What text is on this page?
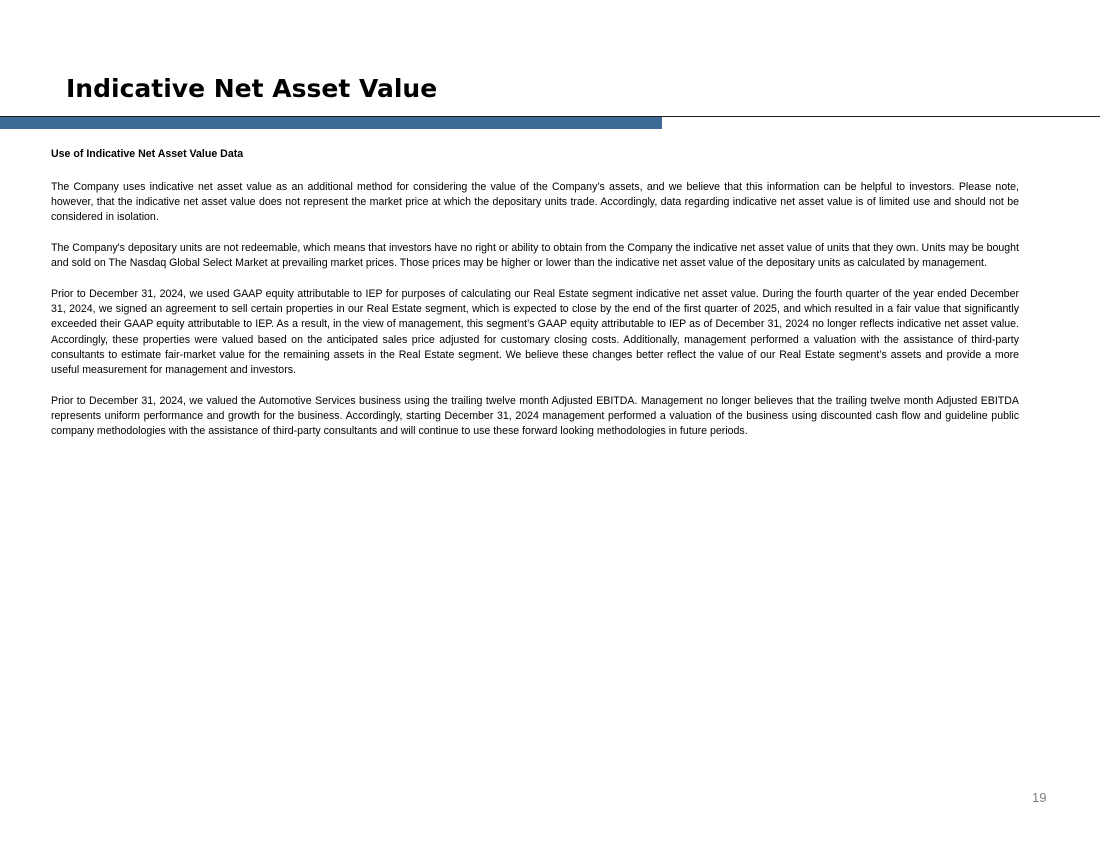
Indicative Net Asset Value

Use of Indicative Net Asset Value Data

The Company uses indicative net asset value as an additional method for considering the value of the Company’s assets, and we believe that this information can be helpful to investors. Please note, however, that the indicative net asset value does not represent the market price at which the depositary units trade. Accordingly, data regarding indicative net asset value is of limited use and should not be considered in isolation.

The Company's depositary units are not redeemable, which means that investors have no right or ability to obtain from the Company the indicative net asset value of units that they own. Units may be bought and sold on The Nasdaq Global Select Market at prevailing market prices. Those prices may be higher or lower than the indicative net asset value of the depositary units as calculated by management.

Prior to December 31, 2024, we used GAAP equity attributable to IEP for purposes of calculating our Real Estate segment indicative net asset value. During the fourth quarter of the year ended December 31, 2024, we signed an agreement to sell certain properties in our Real Estate segment, which is expected to close by the end of the first quarter of 2025, and which resulted in a fair value that significantly exceeded their GAAP equity attributable to IEP. As a result, in the view of management, this segment’s GAAP equity attributable to IEP as of December 31, 2024 no longer reflects indicative net asset value. Accordingly, these properties were valued based on the anticipated sales price adjusted for customary closing costs. Additionally, management performed a valuation with the assistance of third-party consultants to estimate fair-market value for the remaining assets in the Real Estate segment. We believe these changes better reflect the value of our Real Estate segment’s assets and provide a more useful measurement for management and investors.

Prior to December 31, 2024, we valued the Automotive Services business using the trailing twelve month Adjusted EBITDA. Management no longer believes that the trailing twelve month Adjusted EBITDA represents uniform performance and growth for the business. Accordingly, starting December 31, 2024 management performed a valuation of the business using discounted cash flow and guideline public company methodologies with the assistance of third-party consultants and will continue to use these forward looking methodologies in future periods.

19
